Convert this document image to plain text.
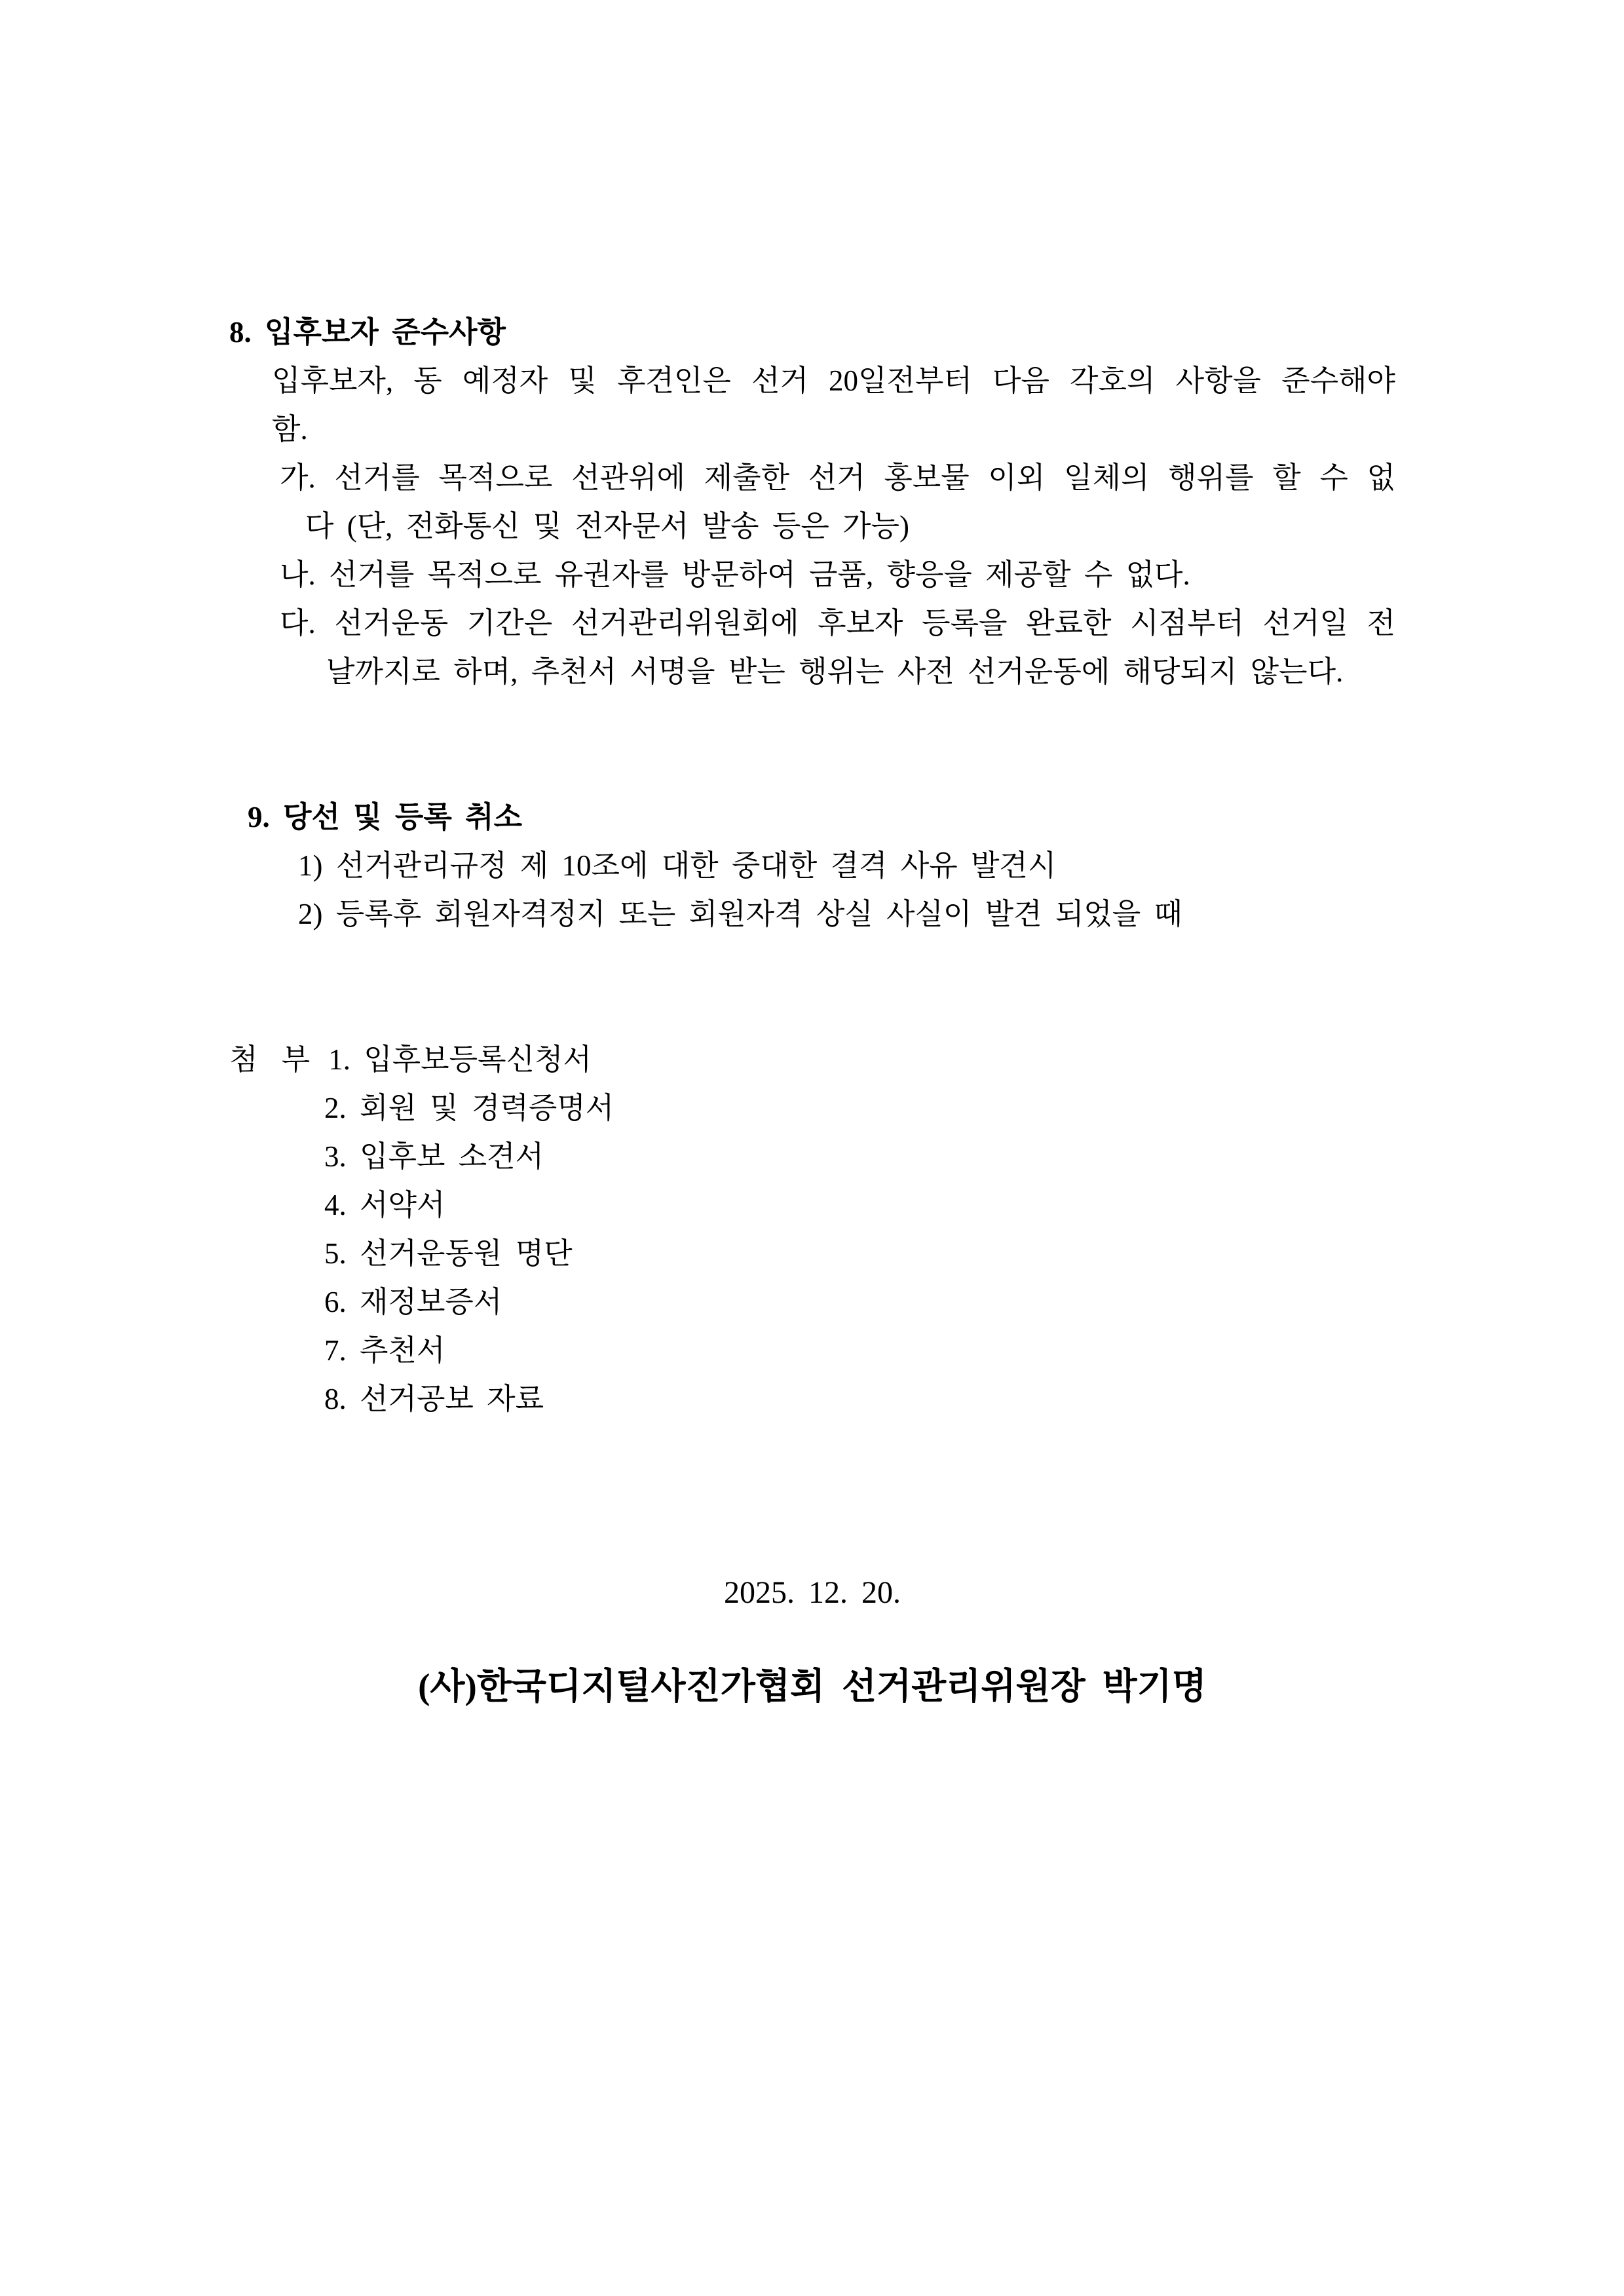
8. 입후보자 준수사항
입후보자, 동 예정자 및 후견인은 선거 20일전부터 다음 각호의 사항을 준수해야
함.
가. 선거를 목적으로 선관위에 제출한 선거 홍보물 이외 일체의 행위를 할 수 없
다 (단, 전화통신 및 전자문서 발송 등은 가능)
나. 선거를 목적으로 유권자를 방문하여 금품, 향응을 제공할 수 없다.
다. 선거운동 기간은 선거관리위원회에 후보자 등록을 완료한 시점부터 선거일 전
날까지로 하며, 추천서 서명을 받는 행위는 사전 선거운동에 해당되지 않는다.
9. 당선 및 등록 취소
1) 선거관리규정 제 10조에 대한 중대한 결격 사유 발견시
2) 등록후 회원자격정지 또는 회원자격 상실 사실이 발견 되었을 때
첨 부 1. 입후보등록신청서
2. 회원 및 경력증명서
3. 입후보 소견서
4. 서약서
5. 선거운동원 명단
6. 재정보증서
7. 추천서
8. 선거공보 자료
2025. 12. 20.
(사)한국디지털사진가협회 선거관리위원장 박기명
